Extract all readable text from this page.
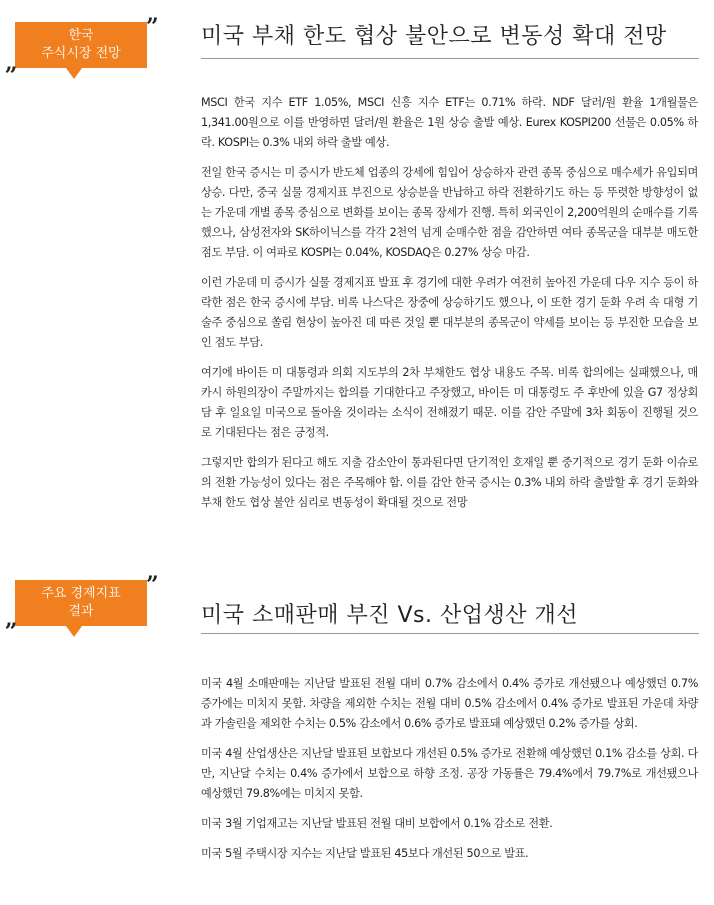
한국
주식시장 전망
„
” 미국 부채 한도 협상 불안으로 변동성 확대 전망

MSCI 한국 지수 ETF 1.05%, MSCI 신흥 지수 ETF는 0.71% 하락. NDF 달러/원 환율 1개월물은 1,341.00원으로 이를 반영하면 달러/원 환율은 1원 상승 출발 예상. Eurex KOSPI200 선물은 0.05% 하락. KOSPI는 0.3% 내외 하락 출발 예상.

전일 한국 증시는 미 증시가 반도체 업종의 강세에 힘입어 상승하자 관련 종목 중심으로 매수세가 유입되며 상승. 다만, 중국 실물 경제지표 부진으로 상승분을 반납하고 하락 전환하기도 하는 등 뚜렷한 방향성이 없는 가운데 개별 종목 중심으로 변화를 보이는 종목 장세가 진행. 특히 외국인이 2,200억원의 순매수를 기록했으나, 삼성전자와 SK하이닉스를 각각 2천억 넘게 순매수한 점을 감안하면 여타 종목군을 대부분 매도한 점도 부담. 이 여파로 KOSPI는 0.04%, KOSDAQ은 0.27% 상승 마감.

이런 가운데 미 증시가 실물 경제지표 발표 후 경기에 대한 우려가 여전히 높아진 가운데 다우 지수 등이 하락한 점은 한국 증시에 부담. 비록 나스닥은 장중에 상승하기도 했으나, 이 또한 경기 둔화 우려 속 대형 기술주 중심으로 쏠림 현상이 높아진 데 따른 것일 뿐 대부분의 종목군이 약세를 보이는 등 부진한 모습을 보인 점도 부담.

여기에 바이든 미 대통령과 의회 지도부의 2차 부채한도 협상 내용도 주목. 비록 합의에는 실패했으나, 매카시 하원의장이 주말까지는 합의를 기대한다고 주장했고, 바이든 미 대통령도 주 후반에 있을 G7 정상회담 후 일요일 미국으로 돌아올 것이라는 소식이 전해졌기 때문. 이를 감안 주말에 3차 회동이 진행될 것으로 기대된다는 점은 긍정적.

그렇지만 합의가 된다고 해도 지출 감소안이 통과된다면 단기적인 호재일 뿐 중기적으로 경기 둔화 이슈로의 전환 가능성이 있다는 점은 주목해야 함. 이를 감안 한국 증시는 0.3% 내외 하락 출발할 후 경기 둔화와 부채 한도 협상 불안 심리로 변동성이 확대될 것으로 전망

주요 경제지표
결과
„
”
미국 소매판매 부진 Vs. 산업생산 개선

미국 4월 소매판매는 지난달 발표된 전월 대비 0.7% 감소에서 0.4% 증가로 개선됐으나 예상했던 0.7% 증가에는 미치지 못함. 차량을 제외한 수치는 전월 대비 0.5% 감소에서 0.4% 증가로 발표된 가운데 차량과 가솔린을 제외한 수치는 0.5% 감소에서 0.6% 증가로 발표돼 예상했던 0.2% 증가를 상회.

미국 4월 산업생산은 지난달 발표된 보합보다 개선된 0.5% 증가로 전환해 예상했던 0.1% 감소를 상회. 다만, 지난달 수치는 0.4% 증가에서 보합으로 하향 조정. 공장 가동률은 79.4%에서 79.7%로 개선됐으나 예상했던 79.8%에는 미치지 못함.

미국 3월 기업재고는 지난달 발표된 전월 대비 보합에서 0.1% 감소로 전환.

미국 5월 주택시장 지수는 지난달 발표된 45보다 개선된 50으로 발표.
